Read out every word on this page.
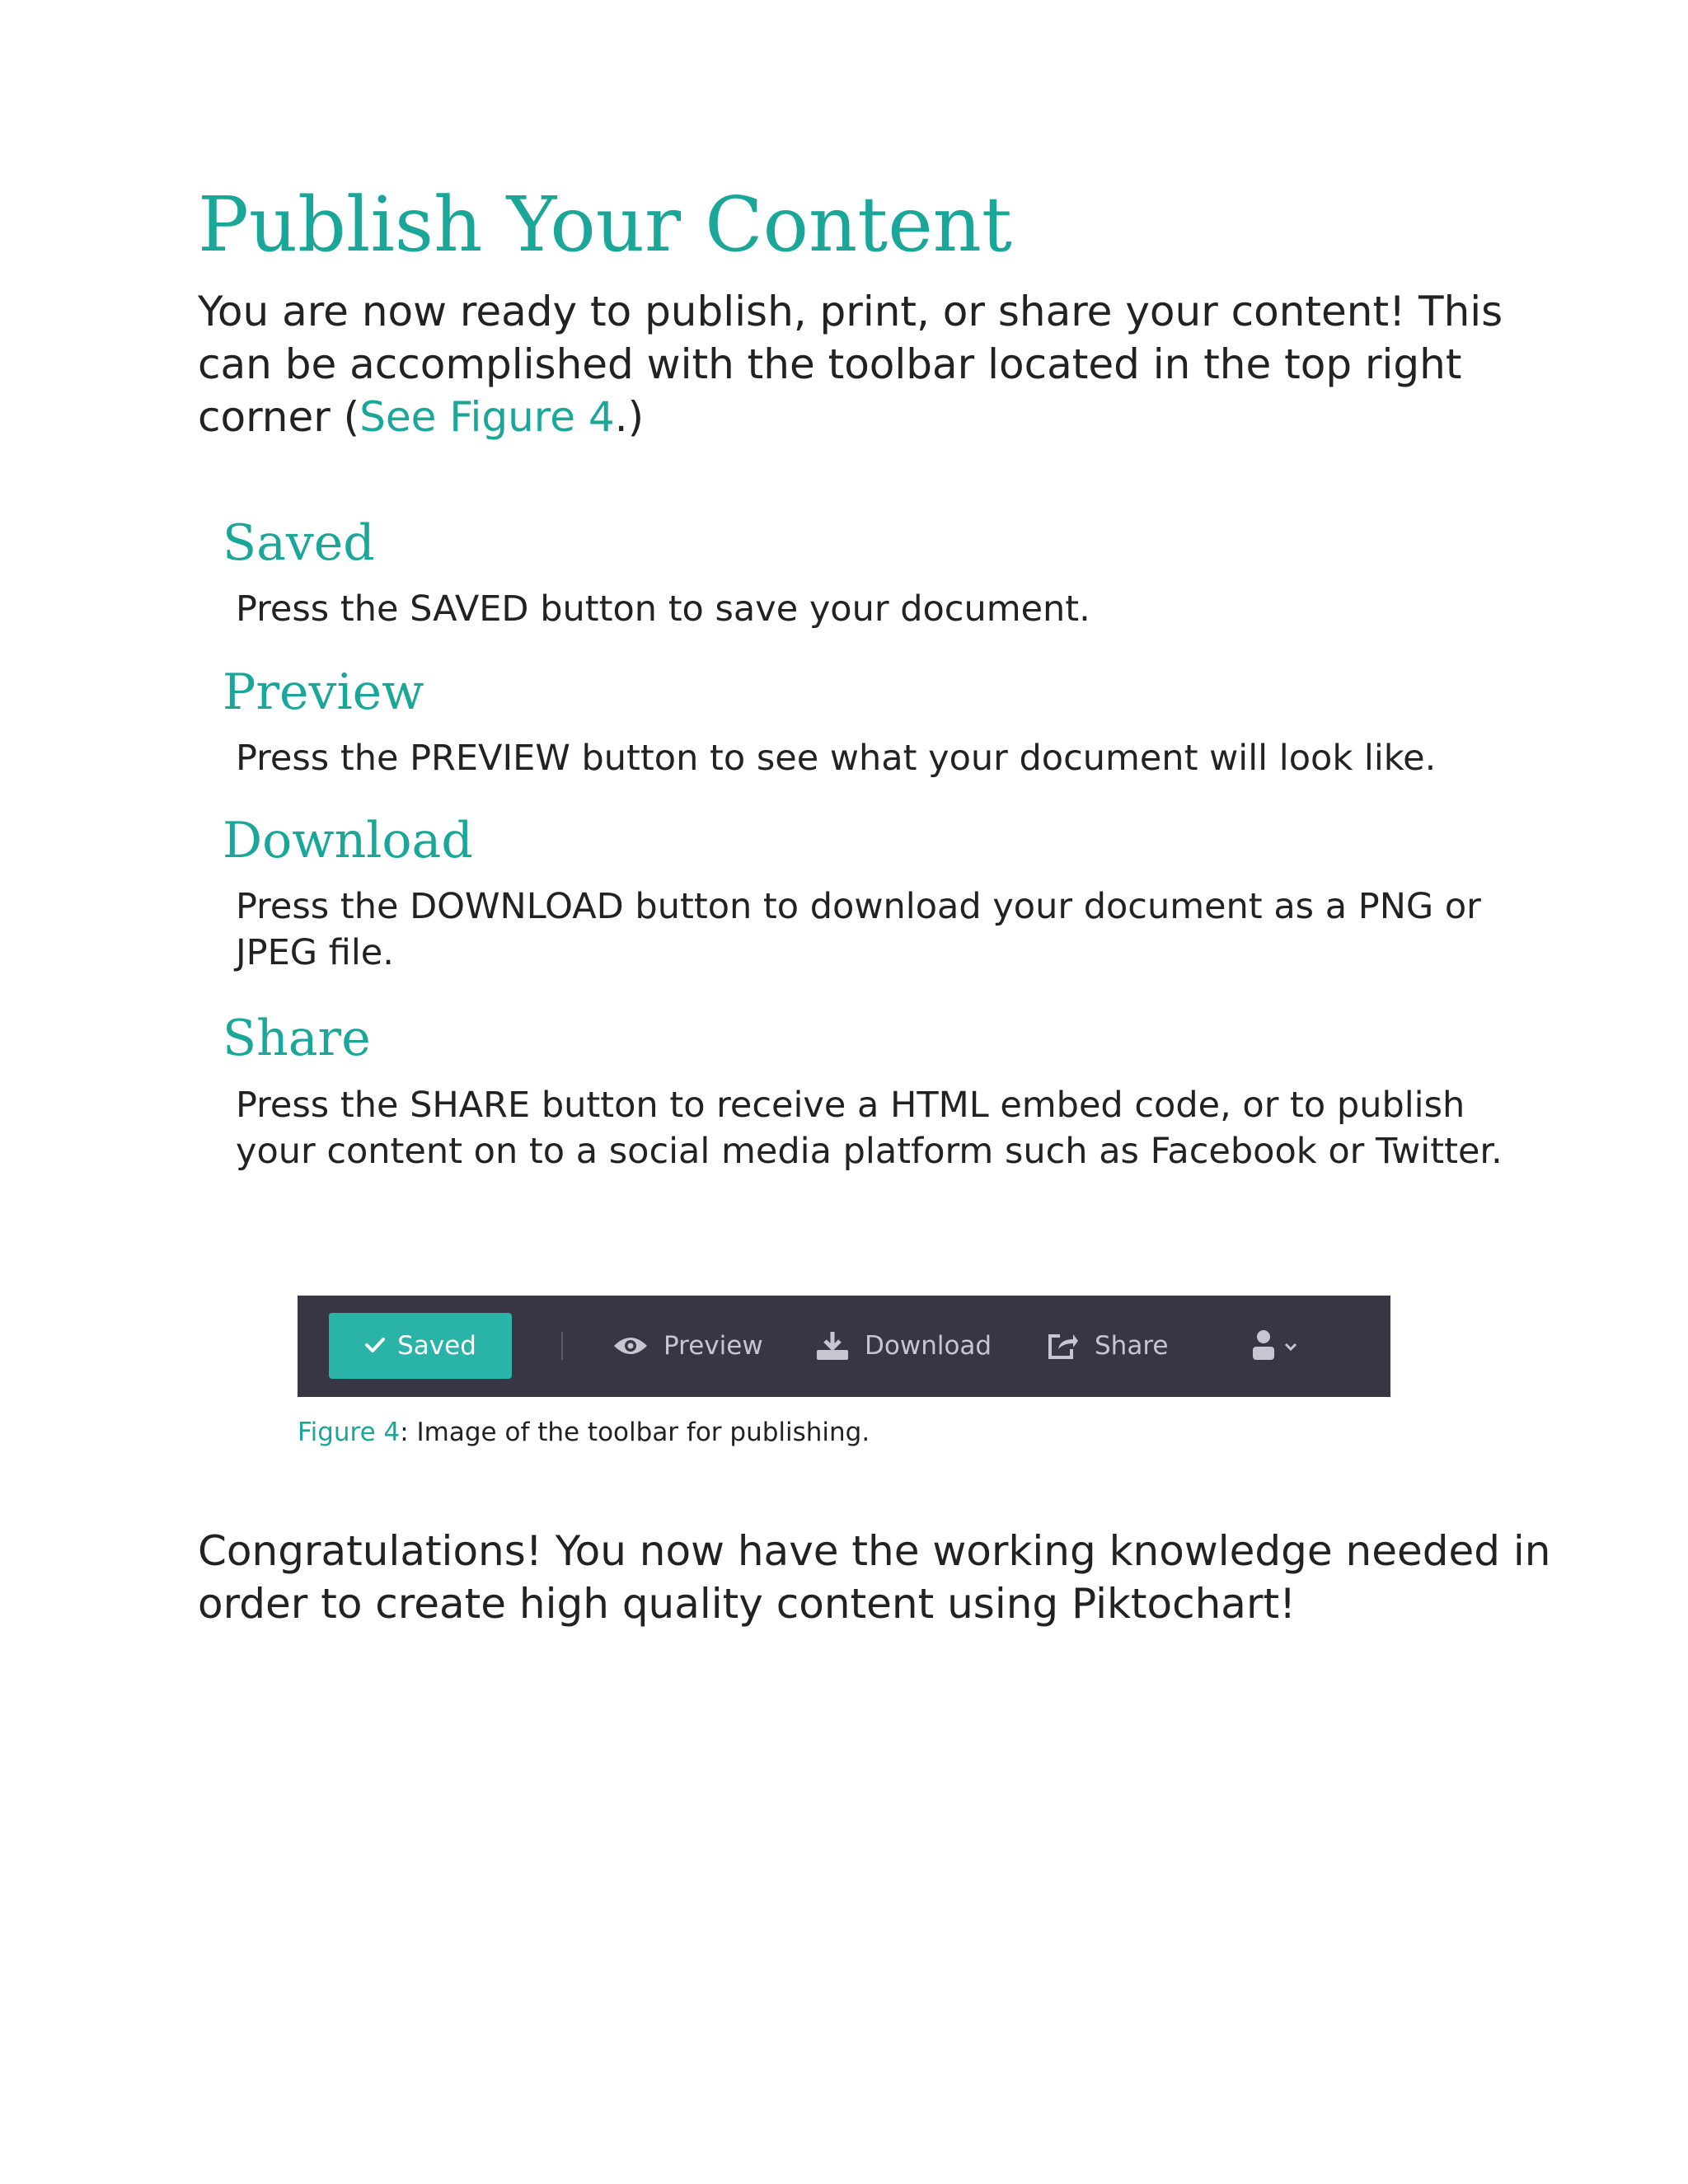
Publish Your Content

You are now ready to publish, print, or share your content! This can be accomplished with the toolbar located in the top right corner (See Figure 4.)

Saved

Press the SAVED button to save your document.

Preview

Press the PREVIEW button to see what your document will look like.

Download

Press the DOWNLOAD button to download your document as a PNG or JPEG file.

Share

Press the SHARE button to receive a HTML embed code, or to publish your content on to a social media platform such as Facebook or Twitter.

Saved	Preview	Download	Share

Figure 4: Image of the toolbar for publishing.

Congratulations! You now have the working knowledge needed in order to create high quality content using Piktochart!
